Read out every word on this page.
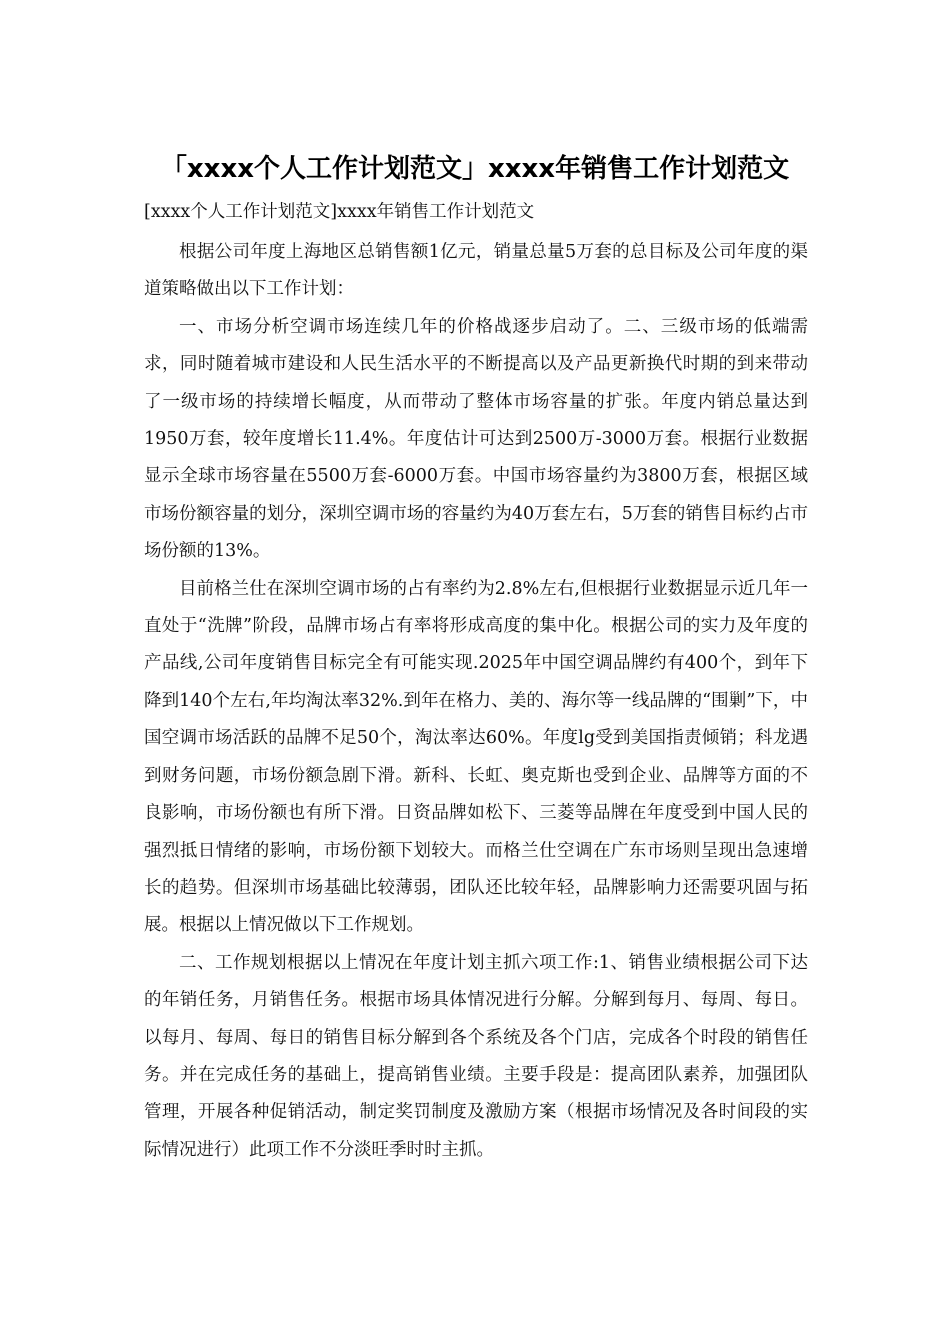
「xxxx个人工作计划范文」xxxx年销售工作计划范文
[xxxx个人工作计划范文]xxxx年销售工作计划范文

根据公司年度上海地区总销售额1亿元，销量总量5万套的总目标及公司年度的渠道策略做出以下工作计划：

一、市场分析空调市场连续几年的价格战逐步启动了。二、三级市场的低端需求，同时随着城市建设和人民生活水平的不断提高以及产品更新换代时期的到来带动了一级市场的持续增长幅度，从而带动了整体市场容量的扩张。年度内销总量达到1950万套，较年度增长11.4%。年度估计可达到2500万-3000万套。根据行业数据显示全球市场容量在5500万套-6000万套。中国市场容量约为3800万套，根据区域市场份额容量的划分，深圳空调市场的容量约为40万套左右，5万套的销售目标约占市场份额的13%。

目前格兰仕在深圳空调市场的占有率约为2.8%左右,但根据行业数据显示近几年一直处于“洗牌”阶段，品牌市场占有率将形成高度的集中化。根据公司的实力及年度的产品线,公司年度销售目标完全有可能实现.2025年中国空调品牌约有400个，到年下降到140个左右,年均淘汰率32%.到年在格力、美的、海尔等一线品牌的“围剿”下，中国空调市场活跃的品牌不足50个，淘汰率达60%。年度lg受到美国指责倾销；科龙遇到财务问题，市场份额急剧下滑。新科、长虹、奥克斯也受到企业、品牌等方面的不良影响，市场份额也有所下滑。日资品牌如松下、三菱等品牌在年度受到中国人民的强烈抵日情绪的影响，市场份额下划较大。而格兰仕空调在广东市场则呈现出急速增长的趋势。但深圳市场基础比较薄弱，团队还比较年轻，品牌影响力还需要巩固与拓展。根据以上情况做以下工作规划。

二、工作规划根据以上情况在年度计划主抓六项工作:1、销售业绩根据公司下达的年销任务，月销售任务。根据市场具体情况进行分解。分解到每月、每周、每日。以每月、每周、每日的销售目标分解到各个系统及各个门店，完成各个时段的销售任务。并在完成任务的基础上，提高销售业绩。主要手段是：提高团队素养，加强团队管理，开展各种促销活动，制定奖罚制度及激励方案（根据市场情况及各时间段的实际情况进行）此项工作不分淡旺季时时主抓。
